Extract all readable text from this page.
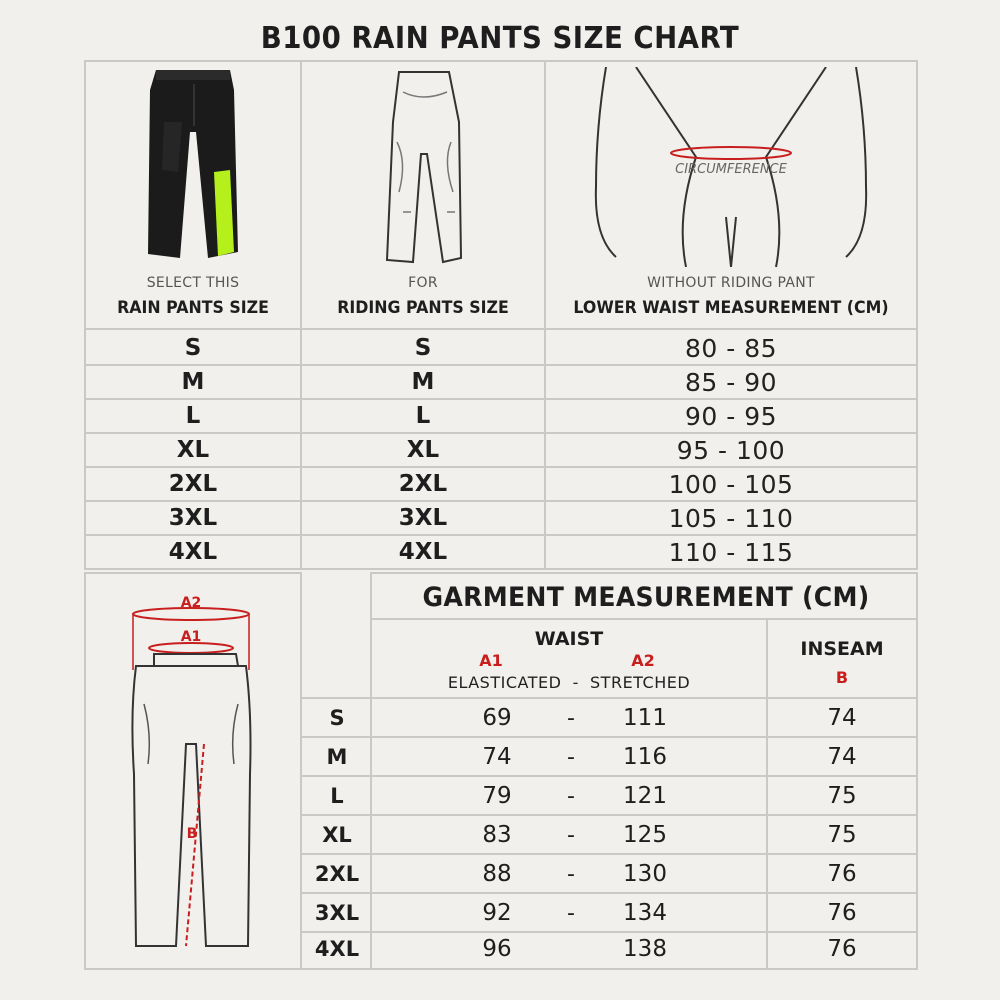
B100 RAIN PANTS SIZE CHART
SELECT THIS
RAIN PANTS SIZE
FOR
RIDING PANTS SIZE
CIRCUMFERENCE
WITHOUT RIDING PANT
LOWER WAIST MEASUREMENT (CM)
S	S	80 - 85
M	M	85 - 90
L	L	90 - 95
XL	XL	95 - 100
2XL	2XL	100 - 105
3XL	3XL	105 - 110
4XL	4XL	110 - 115
A2
A1
B
GARMENT MEASUREMENT (CM)
WAIST
A1	A2
ELASTICATED  -  STRETCHED
INSEAM
B
S	69	-	111	74
M	74	-	116	74
L	79	-	121	75
XL	83	-	125	75
2XL	88	-	130	76
3XL	92	-	134	76
4XL	96	138	76
